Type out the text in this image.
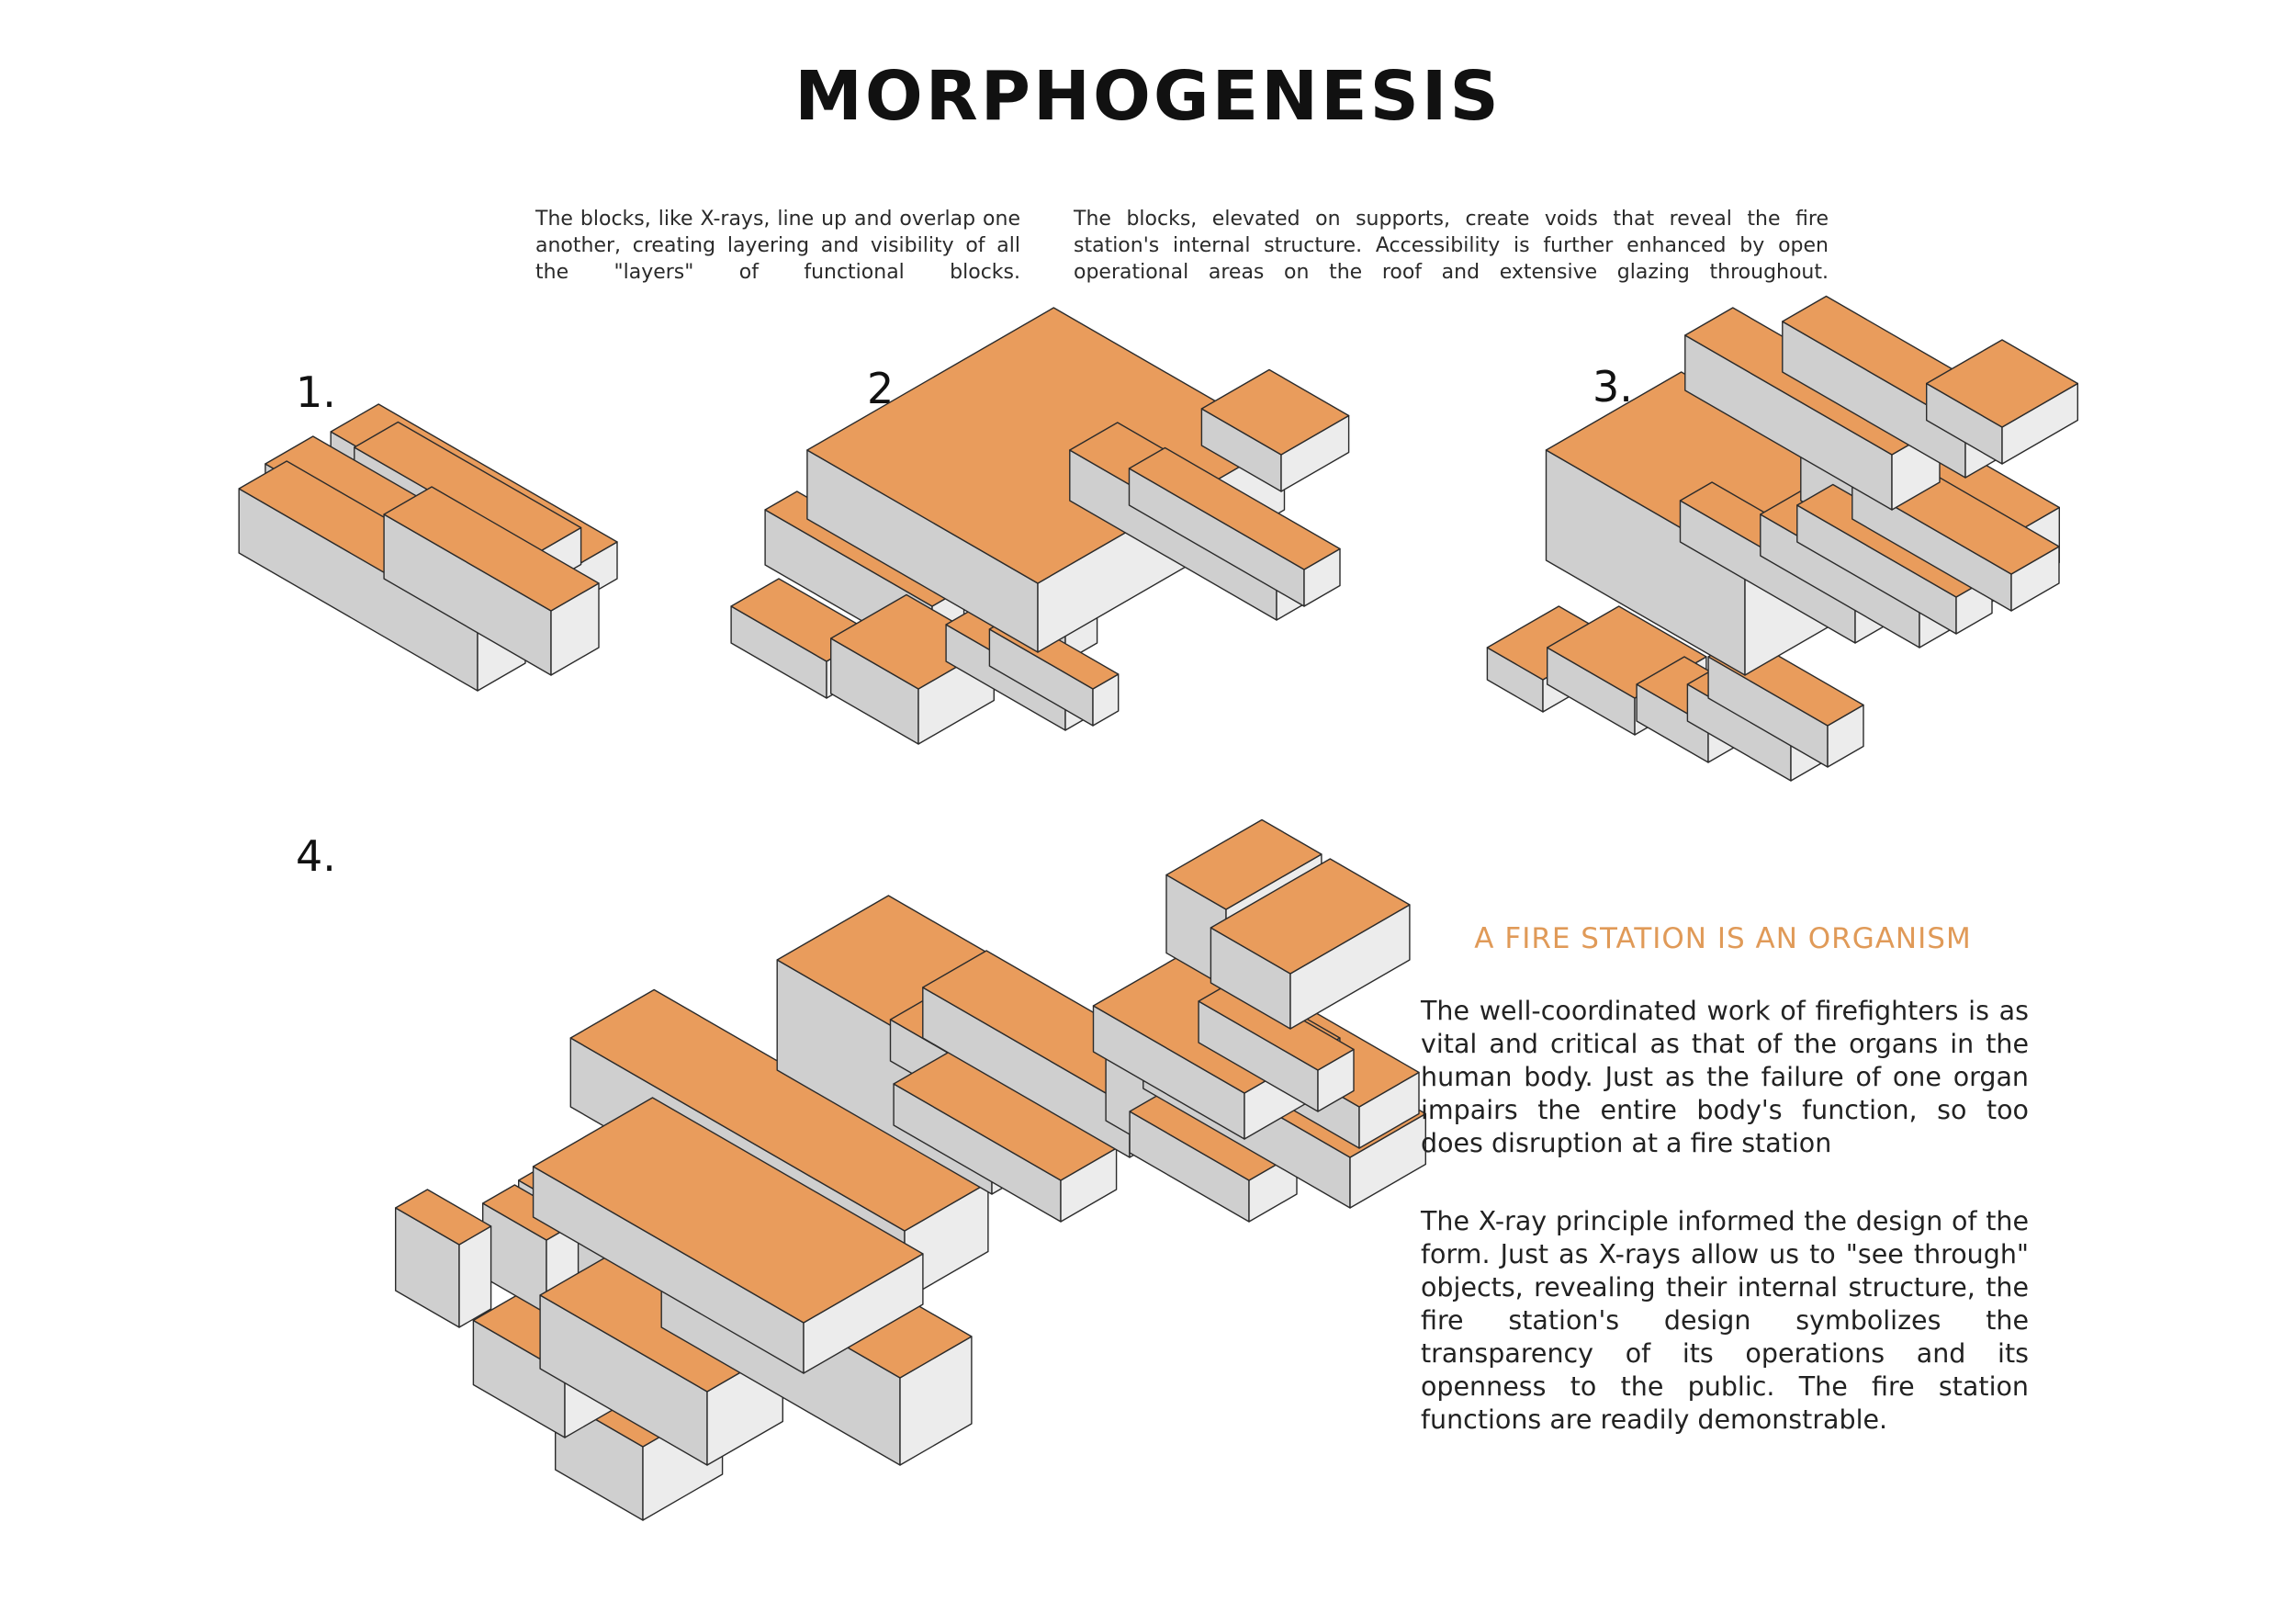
MORPHOGENESIS
The blocks, like X-rays, line up and overlap one another, creating layering and visibility of all the "layers" of functional blocks.
The blocks, elevated on supports, create voids that reveal the fire station's internal structure. Accessibility is further enhanced by open operational areas on the roof and extensive glazing throughout.
1.	2.	3.
4.
A FIRE STATION IS AN ORGANISM
The well-coordinated work of firefighters is as vital and critical as that of the organs in the human body. Just as the failure of one organ impairs the entire body's function, so too does disruption at a fire station
The X-ray principle informed the design of the form. Just as X-rays allow us to "see through" objects, revealing their internal structure, the fire station's design symbolizes the transparency of its operations and its openness to the public. The fire station functions are readily demonstrable.
